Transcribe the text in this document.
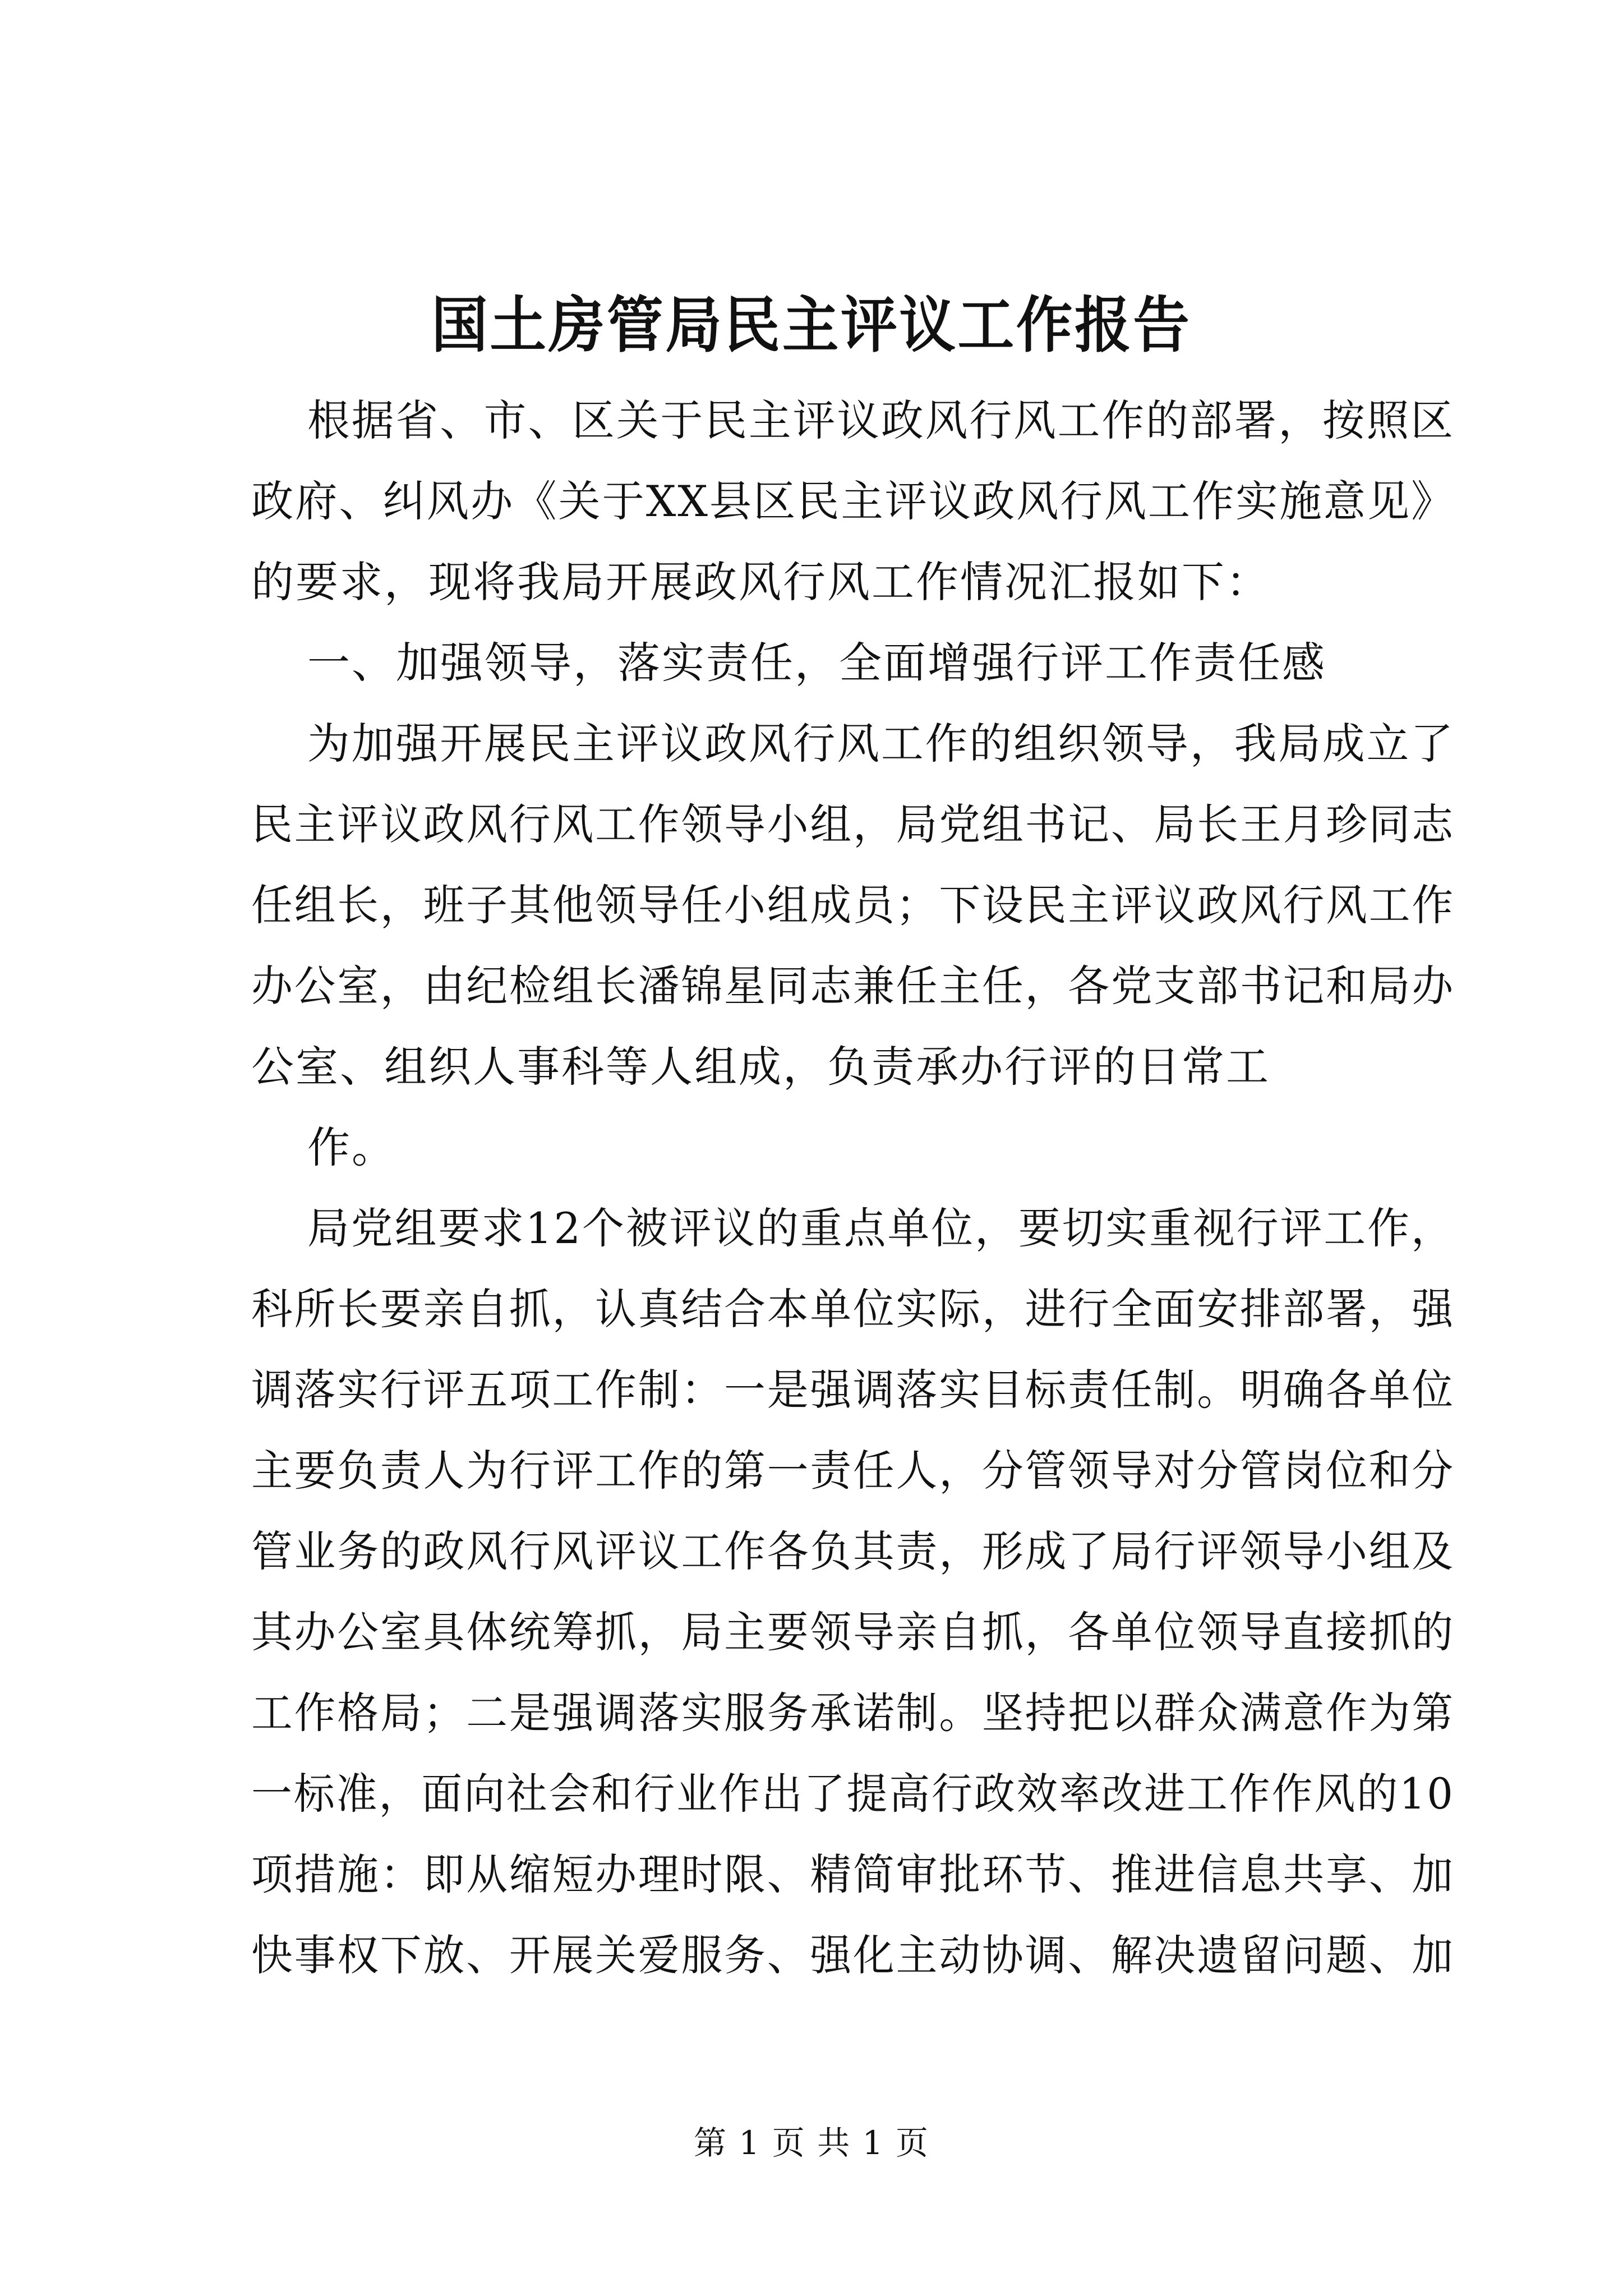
国土房管局民主评议工作报告
根据省、市、区关于民主评议政风行风工作的部署，按照区
政府、纠风办《关于XX县区民主评议政风行风工作实施意见》
的要求，现将我局开展政风行风工作情况汇报如下：
一、加强领导，落实责任，全面增强行评工作责任感
为加强开展民主评议政风行风工作的组织领导，我局成立了
民主评议政风行风工作领导小组，局党组书记、局长王月珍同志
任组长，班子其他领导任小组成员；下设民主评议政风行风工作
办公室，由纪检组长潘锦星同志兼任主任，各党支部书记和局办
公室、组织人事科等人组成，负责承办行评的日常工
作。
局党组要求12个被评议的重点单位，要切实重视行评工作，
科所长要亲自抓，认真结合本单位实际，进行全面安排部署，强
调落实行评五项工作制：一是强调落实目标责任制。明确各单位
主要负责人为行评工作的第一责任人，分管领导对分管岗位和分
管业务的政风行风评议工作各负其责，形成了局行评领导小组及
其办公室具体统筹抓，局主要领导亲自抓，各单位领导直接抓的
工作格局；二是强调落实服务承诺制。坚持把以群众满意作为第
一标准，面向社会和行业作出了提高行政效率改进工作作风的10
项措施：即从缩短办理时限、精简审批环节、推进信息共享、加
快事权下放、开展关爱服务、强化主动协调、解决遗留问题、加
第 1 页 共 1 页
